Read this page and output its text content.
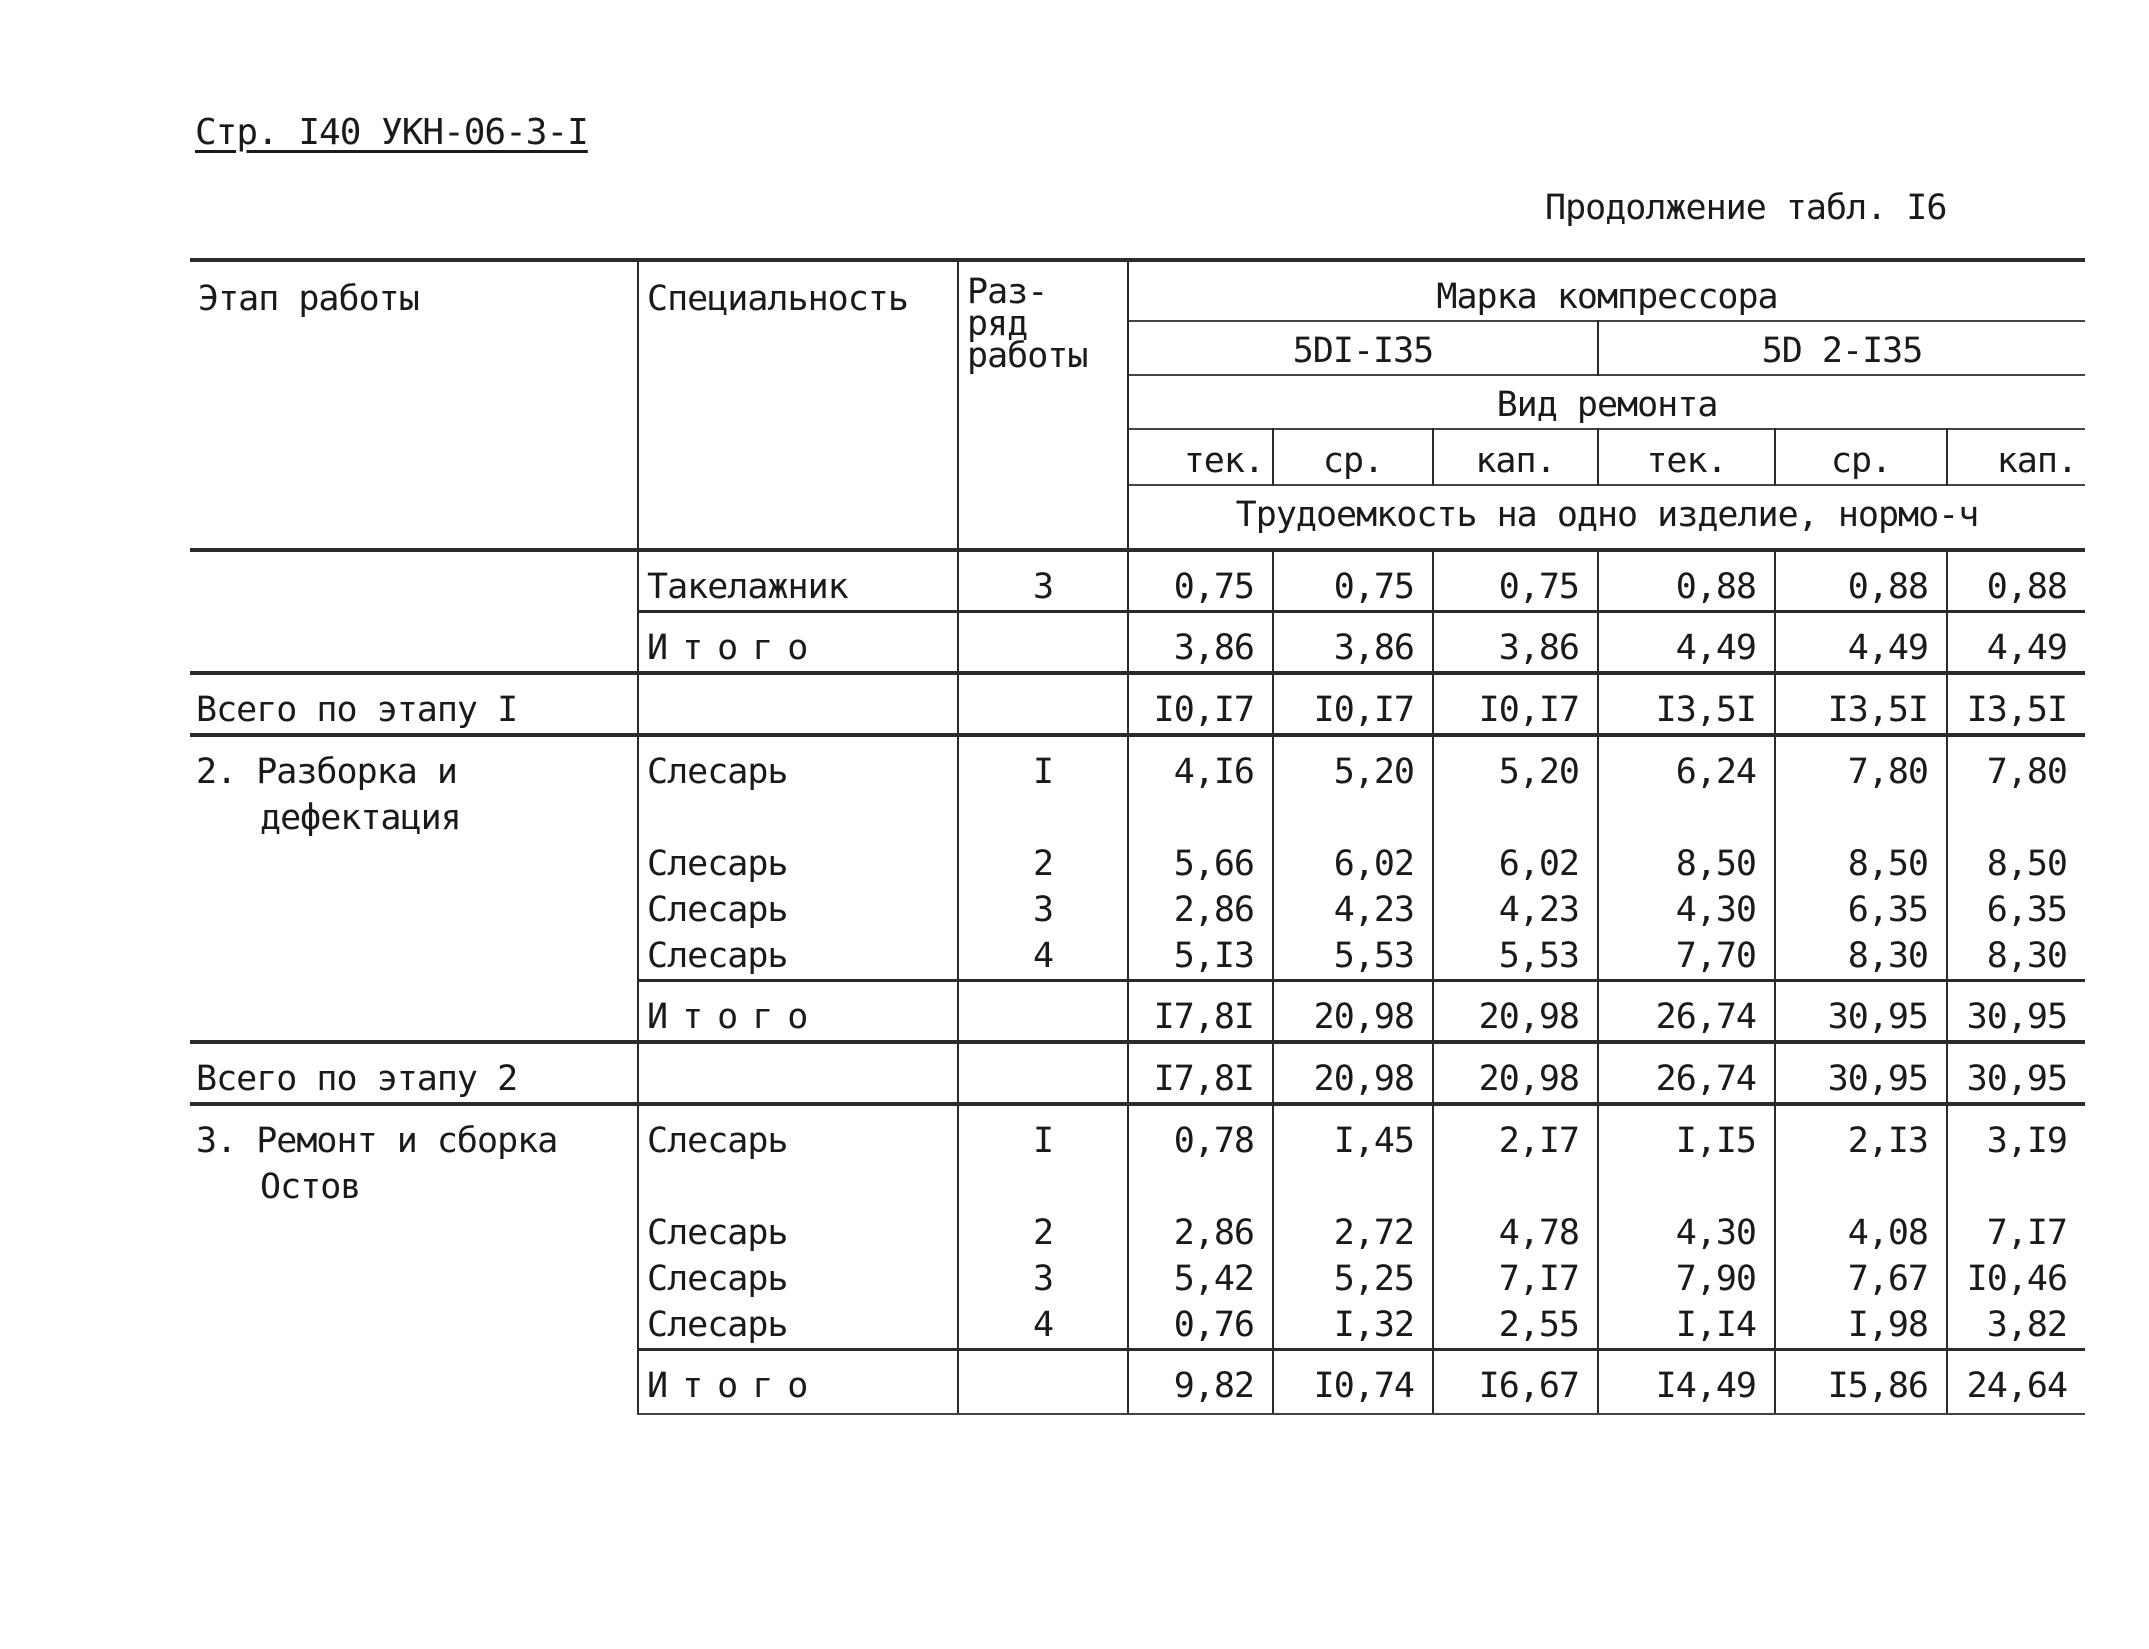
Стр. I40 УКН-06-3-I
Продолжение табл. I6
Этап работы	Специальность	Раз-
ряд
работы	Марка компрессора					
			5DI-I35			5D 2-I35		
			Вид ремонта					
			тек.	ср.	кап.	тек.	ср.	кап.
			Трудоемкость на одно изделие, нормо-ч					
	Такелажник	3	0,75	0,75	0,75	0,88	0,88	0,88
	Итого		3,86	3,86	3,86	4,49	4,49	4,49
Всего по этапу I			I0,I7	I0,I7	I0,I7	I3,5I	I3,5I	I3,5I
2. Разборка и
дефектация	Слесарь	I	4,I6	5,20	5,20	6,24	7,80	7,80
	Слесарь	2	5,66	6,02	6,02	8,50	8,50	8,50
	Слесарь	3	2,86	4,23	4,23	4,30	6,35	6,35
	Слесарь	4	5,I3	5,53	5,53	7,70	8,30	8,30
	Итого		I7,8I	20,98	20,98	26,74	30,95	30,95
Всего по этапу 2			I7,8I	20,98	20,98	26,74	30,95	30,95
3. Ремонт и сборка
Остов	Слесарь	I	0,78	I,45	2,I7	I,I5	2,I3	3,I9
	Слесарь	2	2,86	2,72	4,78	4,30	4,08	7,I7
	Слесарь	3	5,42	5,25	7,I7	7,90	7,67	I0,46
	Слесарь	4	0,76	I,32	2,55	I,I4	I,98	3,82
	Итого		9,82	I0,74	I6,67	I4,49	I5,86	24,64
